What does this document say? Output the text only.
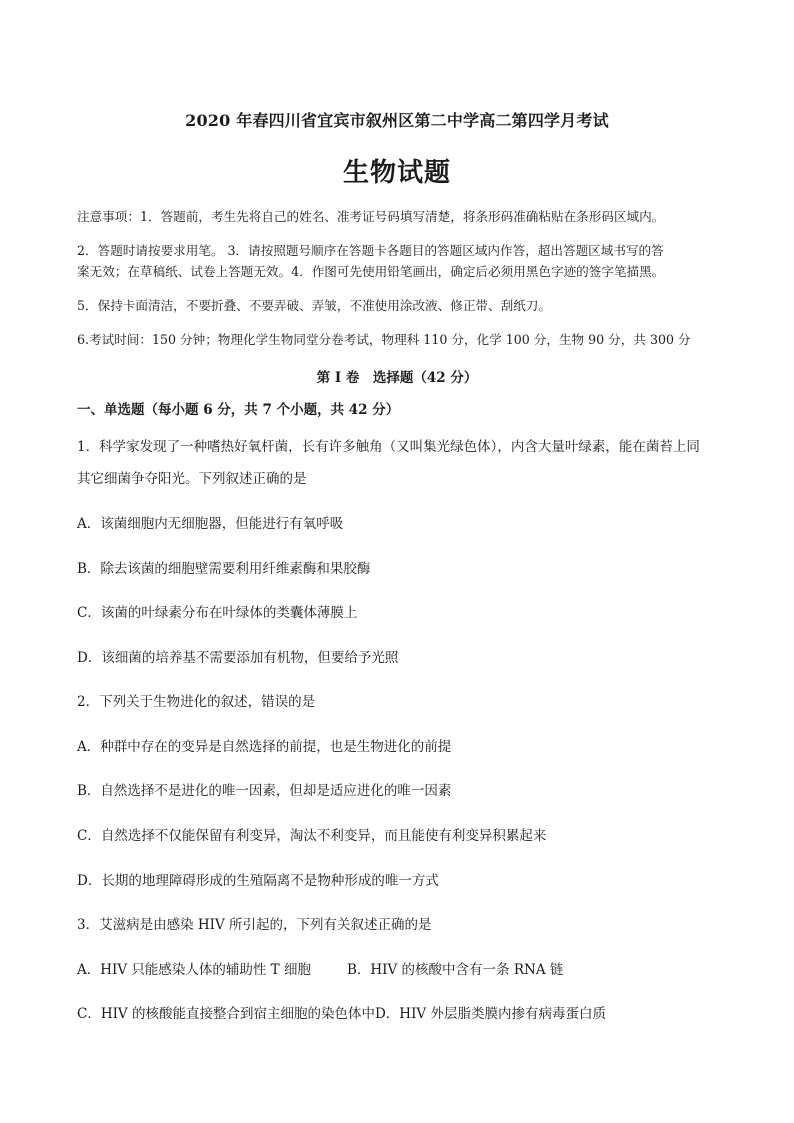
2020 年春四川省宜宾市叙州区第二中学高二第四学月考试
生物试题
注意事项：1．答题前，考生先将自己的姓名、准考证号码填写清楚，将条形码准确粘贴在条形码区域内。
2．答题时请按要求用笔。 3．请按照题号顺序在答题卡各题目的答题区域内作答，超出答题区域书写的答
案无效；在草稿纸、试卷上答题无效。4．作图可先使用铅笔画出，确定后必须用黑色字迹的签字笔描黑。
5．保持卡面清洁，不要折叠、不要弄破、弄皱，不准使用涂改液、修正带、刮纸刀。
6.考试时间：150 分钟；物理化学生物同堂分卷考试，物理科 110 分，化学 100 分，生物 90 分，共 300 分
第 I 卷　选择题（42 分）
一、单选题（每小题 6 分，共 7 个小题，共 42 分）
1．科学家发现了一种嗜热好氧杆菌，长有许多触角（又叫集光绿色体），内含大量叶绿素，能在菌苔上同
其它细菌争夺阳光。下列叙述正确的是
A．该菌细胞内无细胞器，但能进行有氧呼吸
B．除去该菌的细胞壁需要利用纤维素酶和果胶酶
C．该菌的叶绿素分布在叶绿体的类囊体薄膜上
D．该细菌的培养基不需要添加有机物，但要给予光照
2．下列关于生物进化的叙述，错误的是
A．种群中存在的变异是自然选择的前提，也是生物进化的前提
B．自然选择不是进化的唯一因素，但却是适应进化的唯一因素
C．自然选择不仅能保留有利变异，淘汰不利变异，而且能使有利变异积累起来
D．长期的地理障碍形成的生殖隔离不是物种形成的唯一方式
3．艾滋病是由感染 HIV 所引起的，下列有关叙述正确的是
A．HIV 只能感染人体的辅助性 T 细胞	B．HIV 的核酸中含有一条 RNA 链
C．HIV 的核酸能直接整合到宿主细胞的染色体中D．HIV 外层脂类膜内掺有病毒蛋白质
